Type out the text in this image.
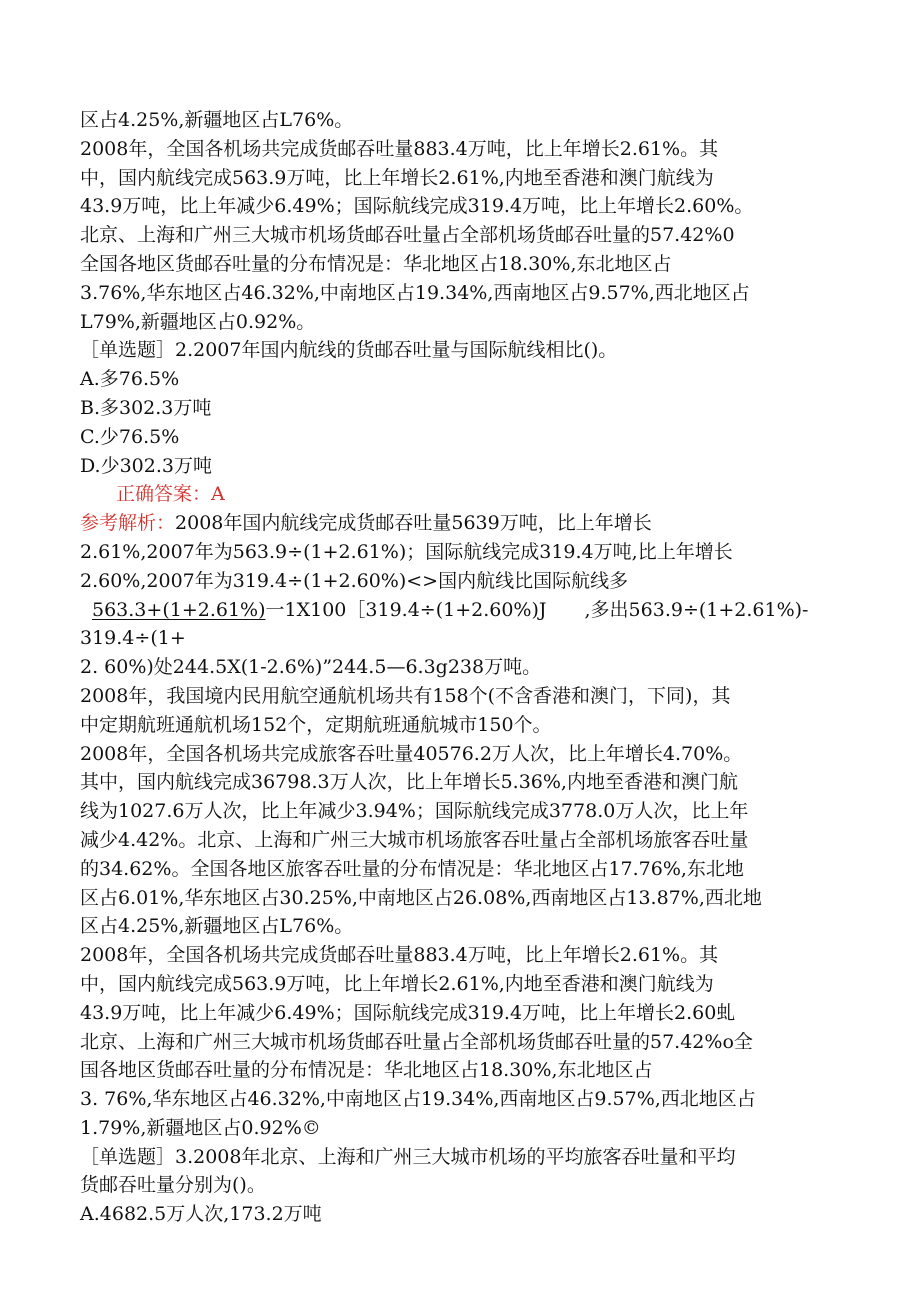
区占4.25%,新疆地区占L76%。
2008年，全国各机场共完成货邮吞吐量883.4万吨，比上年增长2.61%。其
中，国内航线完成563.9万吨，比上年增长2.61%,内地至香港和澳门航线为
43.9万吨，比上年减少6.49%；国际航线完成319.4万吨，比上年增长2.60%。
北京、上海和广州三大城市机场货邮吞吐量占全部机场货邮吞吐量的57.42%0
全国各地区货邮吞吐量的分布情况是：华北地区占18.30%,东北地区占
3.76%,华东地区占46.32%,中南地区占19.34%,西南地区占9.57%,西北地区占
L79%,新疆地区占0.92%。
［单选题］2.2007年国内航线的货邮吞吐量与国际航线相比()。
A.多76.5%
B.多302.3万吨
C.少76.5%
D.少302.3万吨
正确答案：A
参考解析：2008年国内航线完成货邮吞吐量5639万吨，比上年增长
2.61%,2007年为563.9÷(1+2.61%)；国际航线完成319.4万吨,比上年增长
2.60%,2007年为319.4÷(1+2.60%)<>国内航线比国际航线多
563.3+(1+2.61%)一1X100［319.4÷(1+2.60%)J　　,多出563.9÷(1+2.61%)-
319.4÷(1+
2. 60%)处244.5X(1-2.6%)”244.5—6.3g238万吨。
2008年，我国境内民用航空通航机场共有158个(不含香港和澳门，下同)，其
中定期航班通航机场152个，定期航班通航城市150个。
2008年，全国各机场共完成旅客吞吐量40576.2万人次，比上年增长4.70%。
其中，国内航线完成36798.3万人次，比上年增长5.36%,内地至香港和澳门航
线为1027.6万人次，比上年减少3.94%；国际航线完成3778.0万人次，比上年
减少4.42%。北京、上海和广州三大城市机场旅客吞吐量占全部机场旅客吞吐量
的34.62%。全国各地区旅客吞吐量的分布情况是：华北地区占17.76%,东北地
区占6.01%,华东地区占30.25%,中南地区占26.08%,西南地区占13.87%,西北地
区占4.25%,新疆地区占L76%。
2008年，全国各机场共完成货邮吞吐量883.4万吨，比上年增长2.61%。其
中，国内航线完成563.9万吨，比上年增长2.61%,内地至香港和澳门航线为
43.9万吨，比上年减少6.49%；国际航线完成319.4万吨，比上年增长2.60虬
北京、上海和广州三大城市机场货邮吞吐量占全部机场货邮吞吐量的57.42%o全
国各地区货邮吞吐量的分布情况是：华北地区占18.30%,东北地区占
3. 76%,华东地区占46.32%,中南地区占19.34%,西南地区占9.57%,西北地区占
1.79%,新疆地区占0.92%©
［单选题］3.2008年北京、上海和广州三大城市机场的平均旅客吞吐量和平均
货邮吞吐量分别为()。
A.4682.5万人次,173.2万吨
